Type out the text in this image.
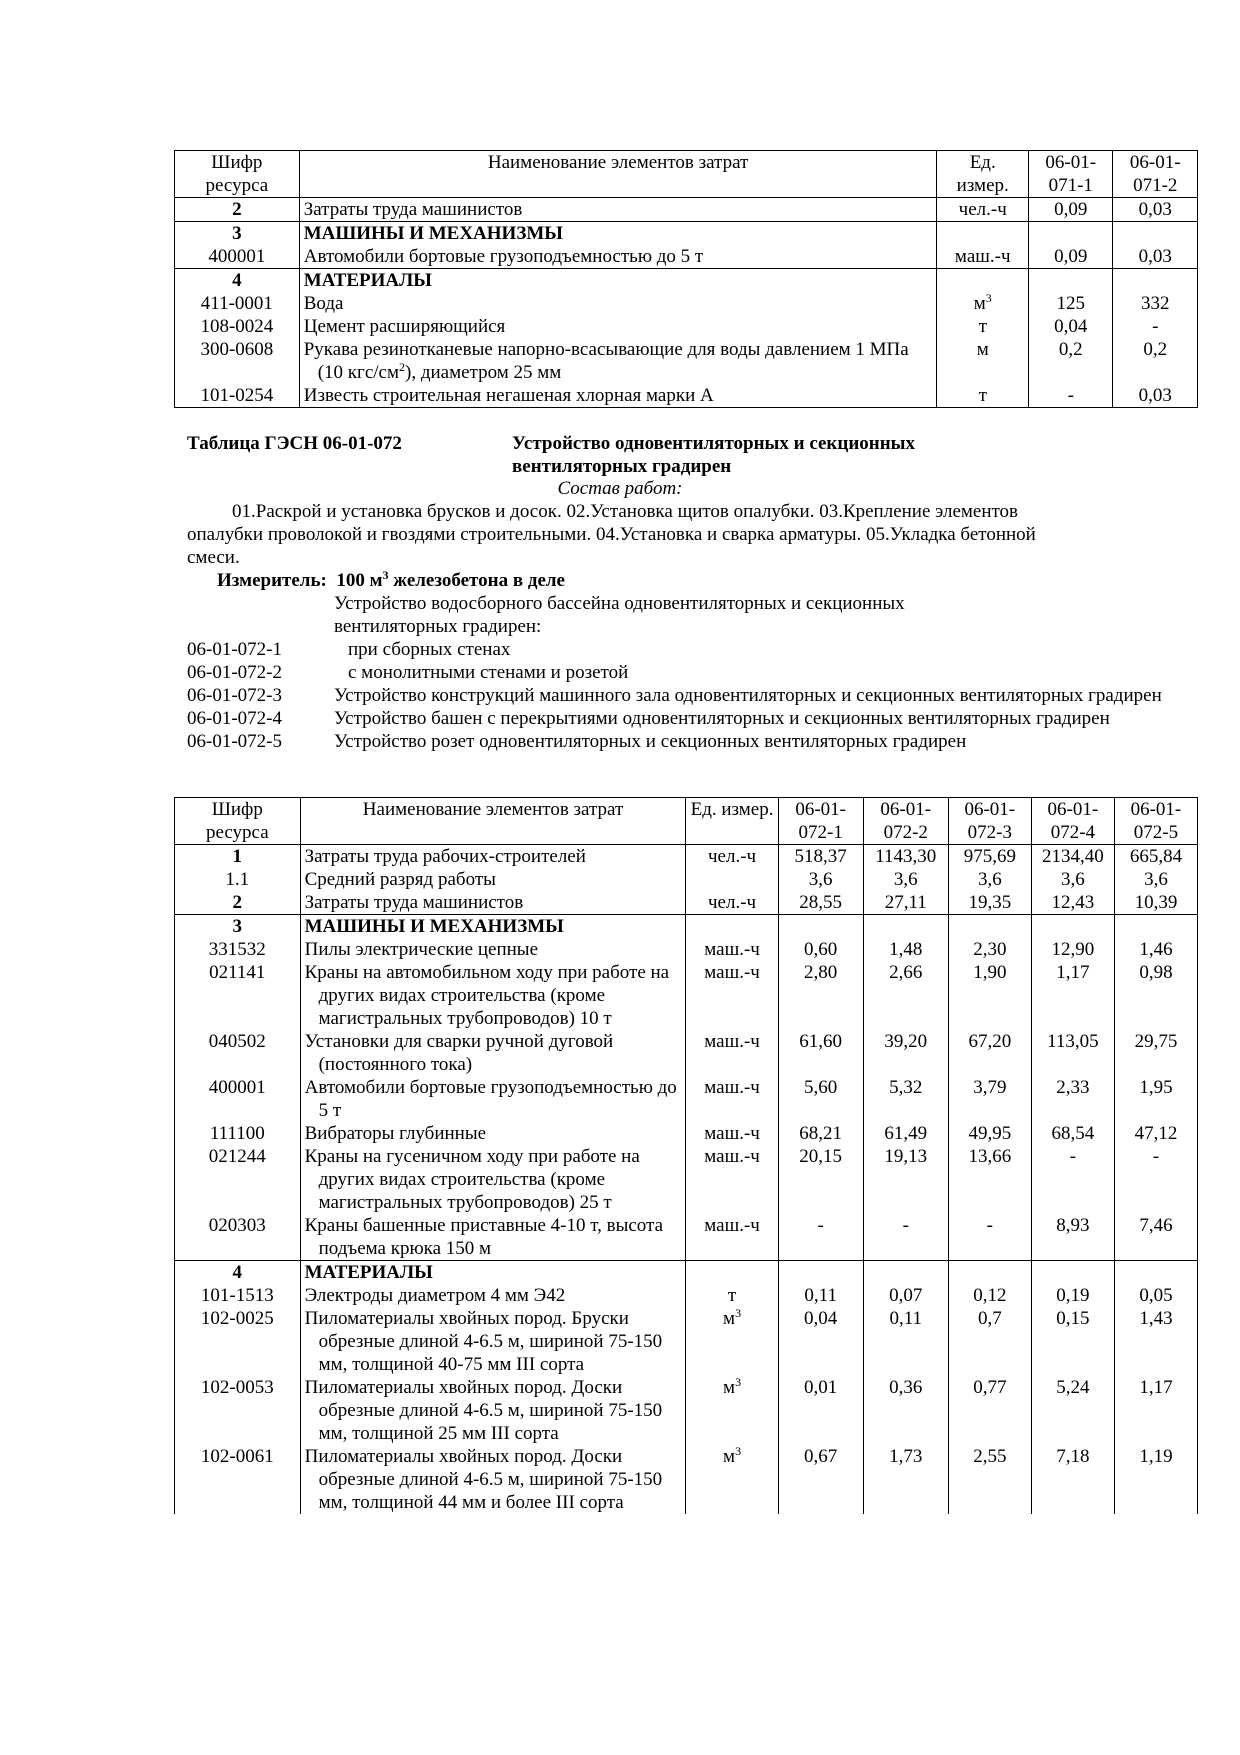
Шифр ресурса	Наименование элементов затрат	Ед. измер.	06-01-071-1	06-01-071-2
2	Затраты труда машинистов	чел.-ч	0,09	0,03
3	МАШИНЫ И МЕХАНИЗМЫ			
400001	Автомобили бортовые грузоподъемностью до 5 т	маш.-ч	0,09	0,03
4	МАТЕРИАЛЫ			
411-0001	Вода	$м^3$	125	332
108-0024	Цемент расширяющийся	т	0,04	-
300-0608	Рукава резинотканевые напорно-всасывающие для воды давлением 1 МПа (10 кгс/$см^2$), диаметром 25 мм	м	0,2	0,2
101-0254	Известь строительная негашеная хлорная марки А	т	-	0,03
Таблица ГЭСН 06-01-072	Устройство одновентиляторных и секционных вентиляторных градирен
Состав работ:
01.Раскрой и установка брусков и досок. 02.Установка щитов опалубки. 03.Крепление элементов опалубки проволокой и гвоздями строительными. 04.Установка и сварка арматуры. 05.Укладка бетонной смеси.
Измеритель: 100 $м^3$ железобетона в деле
Устройство водосборного бассейна одновентиляторных и секционных вентиляторных градирен:
06-01-072-1	при сборных стенах
06-01-072-2	с монолитными стенами и розетой
06-01-072-3	Устройство конструкций машинного зала одновентиляторных и секционных вентиляторных градирен
06-01-072-4	Устройство башен с перекрытиями одновентиляторных и секционных вентиляторных градирен
06-01-072-5	Устройство розет одновентиляторных и секционных вентиляторных градирен
Шифр ресурса	Наименование элементов затрат	Ед. измер.	06-01-072-1	06-01-072-2	06-01-072-3	06-01-072-4	06-01-072-5
1	Затраты труда рабочих-строителей	чел.-ч	518,37	1143,30	975,69	2134,40	665,84
1.1	Средний разряд работы		3,6	3,6	3,6	3,6	3,6
2	Затраты труда машинистов	чел.-ч	28,55	27,11	19,35	12,43	10,39
3	МАШИНЫ И МЕХАНИЗМЫ						

331532	Пилы электрические цепные	маш.-ч	0,60	1,48	2,30	12,90	1,46
021141	Краны на автомобильном ходу при работе на других видах строительства (кроме магистральных трубопроводов) 10 т	маш.-ч	2,80	2,66	1,90	1,17	0,98
040502	Установки для сварки ручной дуговой (постоянного тока)	маш.-ч	61,60	39,20	67,20	113,05	29,75
400001	Автомобили бортовые грузоподъемностью до 5 т	маш.-ч	5,60	5,32	3,79	2,33	1,95
111100	Вибраторы глубинные	маш.-ч	68,21	61,49	49,95	68,54	47,12
021244	Краны на гусеничном ходу при работе на других видах строительства (кроме магистральных трубопроводов) 25 т	маш.-ч	20,15	19,13	13,66	-	-
020303	Краны башенные приставные 4-10 т, высота подъема крюка 150 м	маш.-ч	-	-	-	8,93	7,46
4	МАТЕРИАЛЫ						

101-1513	Электроды диаметром 4 мм Э42	т	0,11	0,07	0,12	0,19	0,05
102-0025	Пиломатериалы хвойных пород. Бруски обрезные длиной 4-6.5 м, шириной 75-150 мм, толщиной 40-75 мм III сорта	$м^3$	0,04	0,11	0,7	0,15	1,43
102-0053	Пиломатериалы хвойных пород. Доски обрезные длиной 4-6.5 м, шириной 75-150 мм, толщиной 25 мм III сорта	$м^3$	0,01	0,36	0,77	5,24	1,17
102-0061	Пиломатериалы хвойных пород. Доски обрезные длиной 4-6.5 м, шириной 75-150 мм, толщиной 44 мм и более III сорта	$м^3$	0,67	1,73	2,55	7,18	1,19
